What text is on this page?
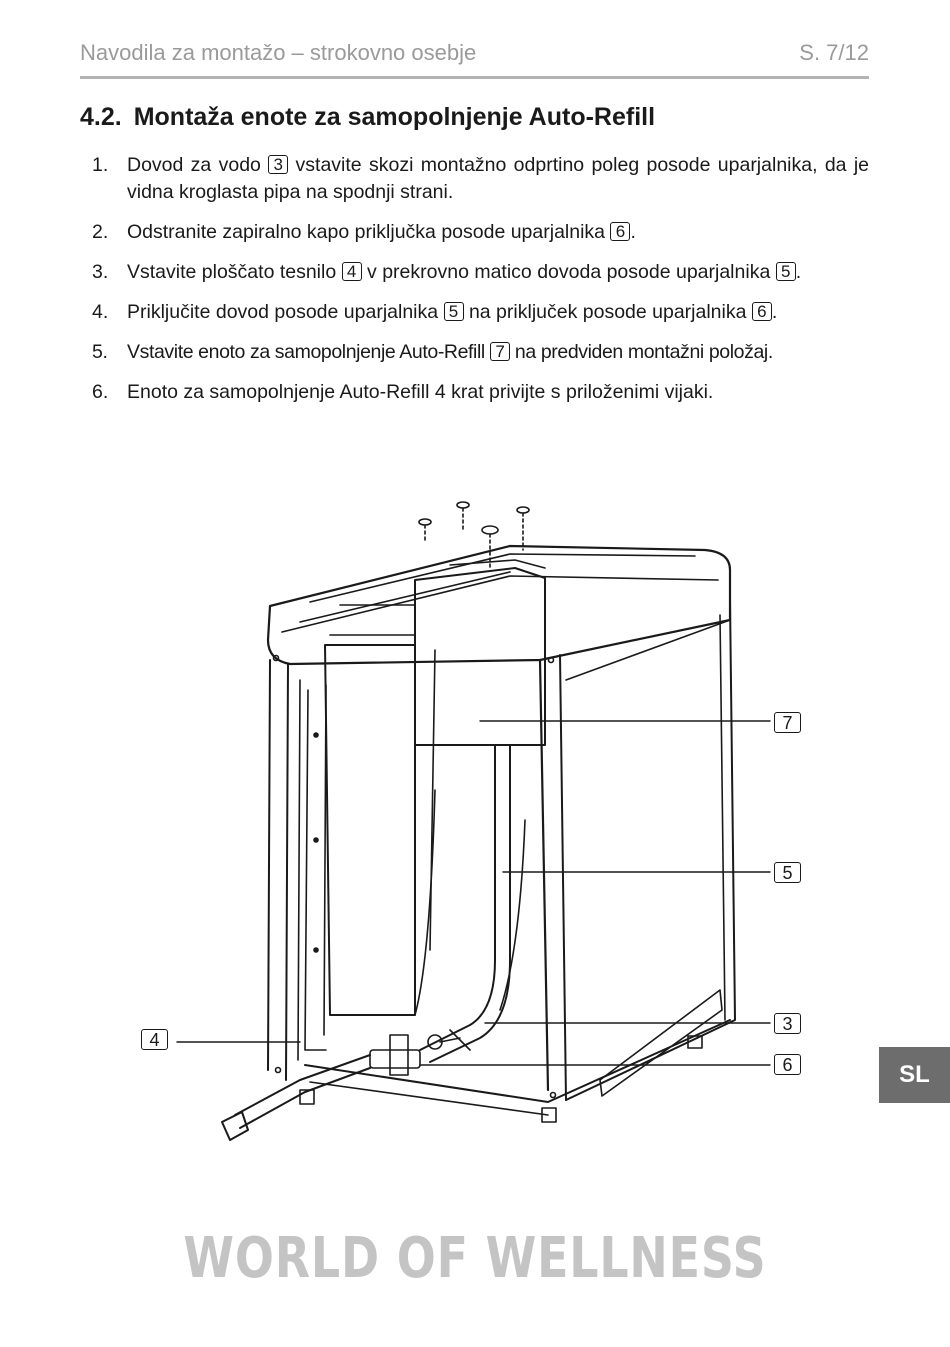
Navodila za montažo – strokovno osebje	S. 7/12
4.2. Montaža enote za samopolnjenje Auto-Refill
1. Dovod za vodo 3 vstavite skozi montažno odprtino poleg posode uparjalnika, da je vidna kroglasta pipa na spodnji strani.
2. Odstranite zapiralno kapo priključka posode uparjalnika 6 .
3. Vstavite ploščato tesnilo 4 v prekrovno matico dovoda posode uparjalnika 5 .
4. Priključite dovod posode uparjalnika 5 na priključek posode uparjalnika 6 .
5. Vstavite enoto za samopolnjenje Auto-Refill 7 na predviden montažni položaj.
6. Enoto za samopolnjenje Auto-Refill 4 krat privijte s priloženimi vijaki.
7
5
3
6
4
SL
WORLD OF WELLNESS
